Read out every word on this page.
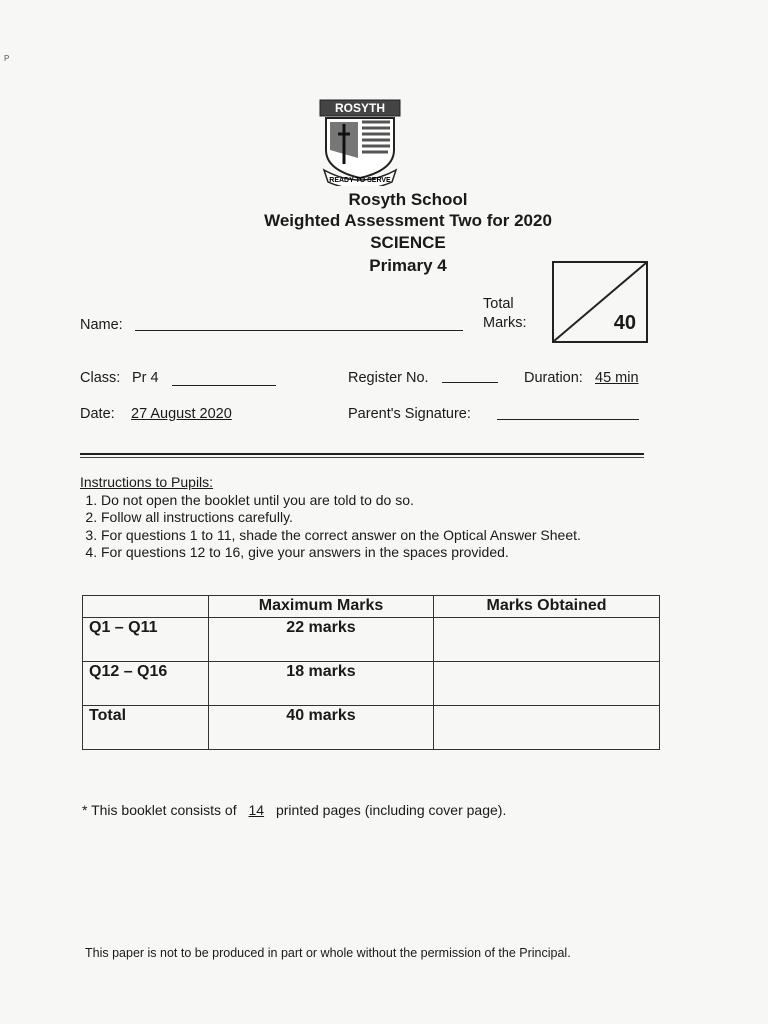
P
ROSYTH
READY TO SERVE
Rosyth School
Weighted Assessment Two for 2020
SCIENCE
Primary 4
Total
Marks:	40
Name:
Class: Pr 4	Register No.	Duration: 45 min
Date: 27 August 2020	Parent's Signature:
Instructions to Pupils:
1. Do not open the booklet until you are told to do so.
2. Follow all instructions carefully.
3. For questions 1 to 11, shade the correct answer on the Optical Answer Sheet.
4. For questions 12 to 16, give your answers in the spaces provided.
	Maximum Marks	Marks Obtained
Q1 – Q11	22 marks	
Q12 – Q16	18 marks	
Total	40 marks	
* This booklet consists of 14 printed pages (including cover page).
This paper is not to be produced in part or whole without the permission of the Principal.
